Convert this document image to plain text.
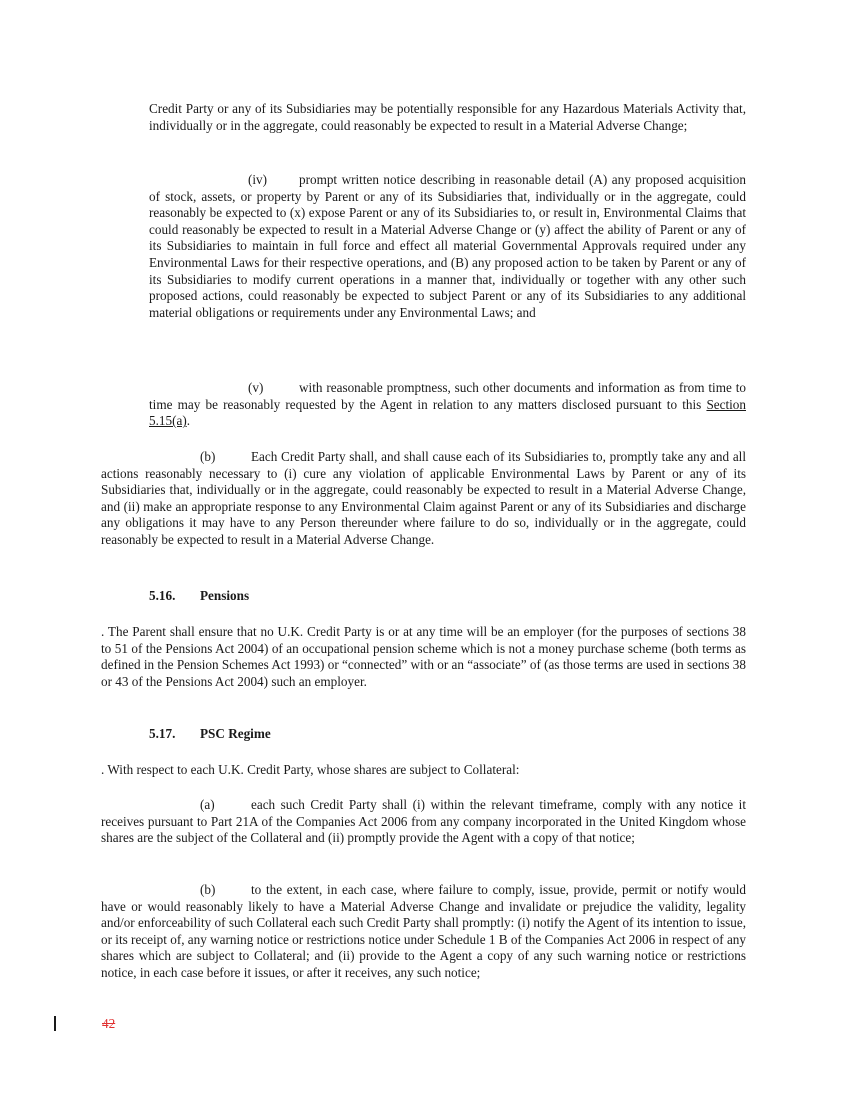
Credit Party or any of its Subsidiaries may be potentially responsible for any Hazardous Materials Activity that, individually or in the aggregate, could reasonably be expected to result in a Material Adverse Change;

(iv) prompt written notice describing in reasonable detail (A) any proposed acquisition of stock, assets, or property by Parent or any of its Subsidiaries that, individually or in the aggregate, could reasonably be expected to (x) expose Parent or any of its Subsidiaries to, or result in, Environmental Claims that could reasonably be expected to result in a Material Adverse Change or (y) affect the ability of Parent or any of its Subsidiaries to maintain in full force and effect all material Governmental Approvals required under any Environmental Laws for their respective operations, and (B) any proposed action to be taken by Parent or any of its Subsidiaries to modify current operations in a manner that, individually or together with any other such proposed actions, could reasonably be expected to subject Parent or any of its Subsidiaries to any additional material obligations or requirements under any Environmental Laws; and

(v)	with reasonable promptness, such other documents and information as from time to time may be reasonably requested by the Agent in relation to any matters disclosed pursuant to this Section 5.15(a).

(b)	Each Credit Party shall, and shall cause each of its Subsidiaries to, promptly take any and all actions reasonably necessary to (i) cure any violation of applicable Environmental Laws by Parent or any of its Subsidiaries that, individually or in the aggregate, could reasonably be expected to result in a Material Adverse Change, and (ii) make an appropriate response to any Environmental Claim against Parent or any of its Subsidiaries and discharge any obligations it may have to any Person thereunder where failure to do so, individually or in the aggregate, could reasonably be expected to result in a Material Adverse Change.

5.16. Pensions

. The Parent shall ensure that no U.K. Credit Party is or at any time will be an employer (for the purposes of sections 38 to 51 of the Pensions Act 2004) of an occupational pension scheme which is not a money purchase scheme (both terms as defined in the Pension Schemes Act 1993) or “connected” with or an “associate” of (as those terms are used in sections 38 or 43 of the Pensions Act 2004) such an employer.

5.17. PSC Regime

. With respect to each U.K. Credit Party, whose shares are subject to Collateral:

(a)	each such Credit Party shall (i) within the relevant timeframe, comply with any notice it receives pursuant to Part 21A of the Companies Act 2006 from any company incorporated in the United Kingdom whose shares are the subject of the Collateral and (ii) promptly provide the Agent with a copy of that notice;

(b)	to the extent, in each case, where failure to comply, issue, provide, permit or notify would have or would reasonably likely to have a Material Adverse Change and invalidate or prejudice the validity, legality and/or enforceability of such Collateral each such Credit Party shall promptly: (i) notify the Agent of its intention to issue, or its receipt of, any warning notice or restrictions notice under Schedule 1 B of the Companies Act 2006 in respect of any shares which are subject to Collateral; and (ii) provide to the Agent a copy of any such warning notice or restrictions notice, in each case before it issues, or after it receives, any such notice;

42
